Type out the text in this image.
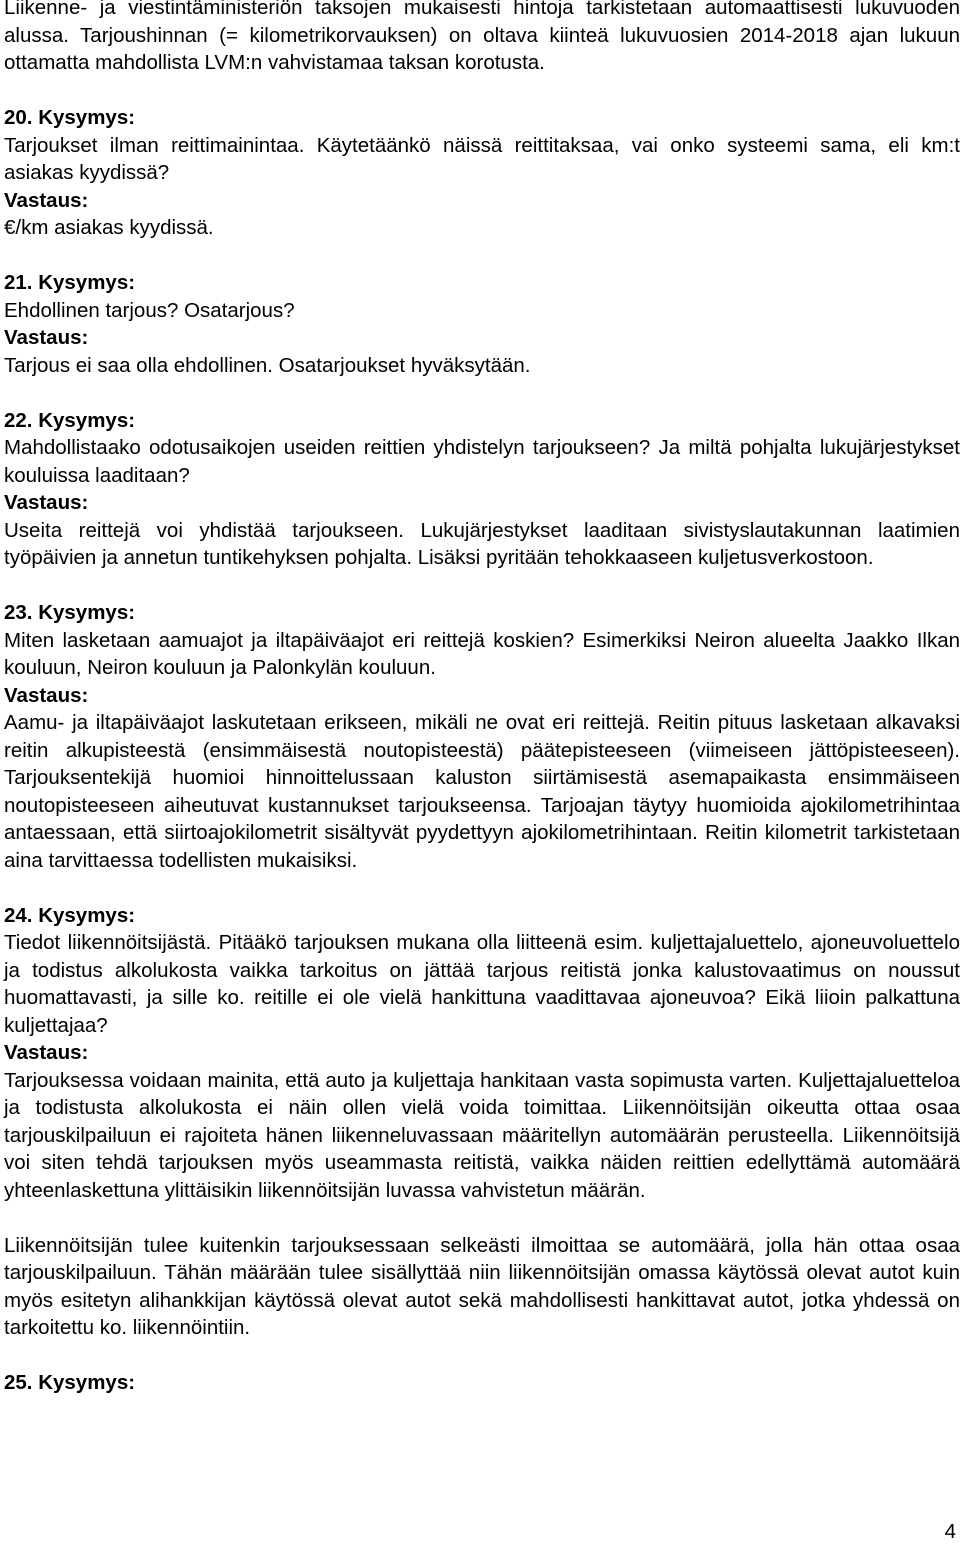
Liikenne- ja viestintäministeriön taksojen mukaisesti hintoja tarkistetaan automaattisesti lukuvuoden alussa. Tarjoushinnan (= kilometrikorvauksen) on oltava kiinteä lukuvuosien 2014-2018 ajan lukuun ottamatta mahdollista LVM:n vahvistamaa taksan korotusta.

20. Kysymys:

Tarjoukset ilman reittimainintaa. Käytetäänkö näissä reittitaksaa, vai onko systeemi sama, eli km:t asiakas kyydissä?

Vastaus:

€/km asiakas kyydissä.

21. Kysymys:

Ehdollinen tarjous? Osatarjous?

Vastaus:

Tarjous ei saa olla ehdollinen. Osatarjoukset hyväksytään.

22. Kysymys:

Mahdollistaako odotusaikojen useiden reittien yhdistelyn tarjoukseen? Ja miltä pohjalta lukujärjestykset kouluissa laaditaan?

Vastaus:

Useita reittejä voi yhdistää tarjoukseen. Lukujärjestykset laaditaan sivistyslautakunnan laatimien työpäivien ja annetun tuntikehyksen pohjalta. Lisäksi pyritään tehokkaaseen kuljetusverkostoon.

23. Kysymys:

Miten lasketaan aamuajot ja iltapäiväajot eri reittejä koskien? Esimerkiksi Neiron alueelta Jaakko Ilkan kouluun, Neiron kouluun ja Palonkylän kouluun.

Vastaus:

Aamu- ja iltapäiväajot laskutetaan erikseen, mikäli ne ovat eri reittejä. Reitin pituus lasketaan alkavaksi reitin alkupisteestä (ensimmäisestä noutopisteestä) päätepisteeseen (viimeiseen jättöpisteeseen). Tarjouksentekijä huomioi hinnoittelussaan kaluston siirtämisestä asemapaikasta ensimmäiseen noutopisteeseen aiheutuvat kustannukset tarjoukseensa. Tarjoajan täytyy huomioida ajokilometrihintaa antaessaan, että siirtoajokilometrit sisältyvät pyydettyyn ajokilometrihintaan. Reitin kilometrit tarkistetaan aina tarvittaessa todellisten mukaisiksi.

24. Kysymys:

Tiedot liikennöitsijästä. Pitääkö tarjouksen mukana olla liitteenä esim. kuljettajaluettelo, ajoneuvoluettelo ja todistus alkolukosta vaikka tarkoitus on jättää tarjous reitistä jonka kalustovaatimus on noussut huomattavasti, ja sille ko. reitille ei ole vielä hankittuna vaadittavaa ajoneuvoa? Eikä liioin palkattuna kuljettajaa?

Vastaus:

Tarjouksessa voidaan mainita, että auto ja kuljettaja hankitaan vasta sopimusta varten. Kuljettajaluetteloa ja todistusta alkolukosta ei näin ollen vielä voida toimittaa. Liikennöitsijän oikeutta ottaa osaa tarjouskilpailuun ei rajoiteta hänen liikenneluvassaan määritellyn automäärän perusteella. Liikennöitsijä voi siten tehdä tarjouksen myös useammasta reitistä, vaikka näiden reittien edellyttämä automäärä yhteenlaskettuna ylittäisikin liikennöitsijän luvassa vahvistetun määrän.

Liikennöitsijän tulee kuitenkin tarjouksessaan selkeästi ilmoittaa se automäärä, jolla hän ottaa osaa tarjouskilpailuun. Tähän määrään tulee sisällyttää niin liikennöitsijän omassa käytössä olevat autot kuin myös esitetyn alihankkijan käytössä olevat autot sekä mahdollisesti hankittavat autot, jotka yhdessä on tarkoitettu ko. liikennöintiin.

25. Kysymys:

4
